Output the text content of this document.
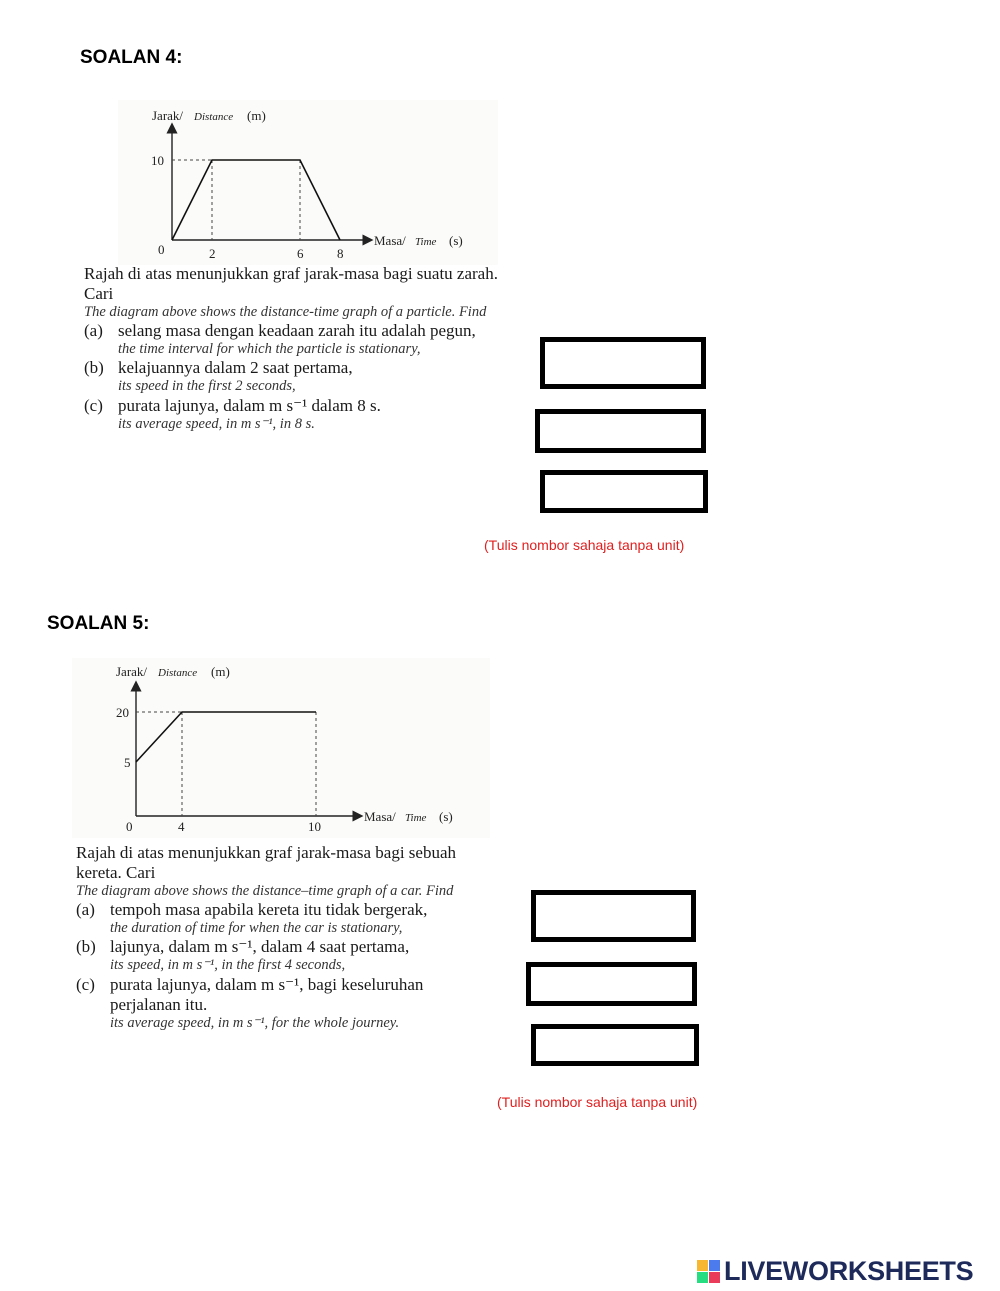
SOALAN 4:
Jarak/ Distance (m)
10
0	2	6	8
Masa/ Time (s)

Rajah di atas menunjukkan graf jarak-masa bagi suatu zarah. Cari

The diagram above shows the distance-time graph of a particle. Find

(a) selang masa dengan keadaan zarah itu adalah pegun,

the time interval for which the particle is stationary,

(b) kelajuannya dalam 2 saat pertama,

its speed in the first 2 seconds,

(c) purata lajunya, dalam m s⁻¹ dalam 8 s.

its average speed, in m s⁻¹, in 8 s.

(Tulis nombor sahaja tanpa unit)
SOALAN 5:
Jarak/ Distance (m)
20
5
0	4	10
Masa/ Time (s)

Rajah di atas menunjukkan graf jarak-masa bagi sebuah kereta. Cari

The diagram above shows the distance–time graph of a car. Find

(a) tempoh masa apabila kereta itu tidak bergerak,

the duration of time for when the car is stationary,

(b) lajunya, dalam m s⁻¹, dalam 4 saat pertama,

its speed, in m s⁻¹, in the first 4 seconds,

(c) purata lajunya, dalam m s⁻¹, bagi keseluruhan perjalanan itu.

its average speed, in m s⁻¹, for the whole journey.

(Tulis nombor sahaja tanpa unit)
LIVEWORKSHEETS
